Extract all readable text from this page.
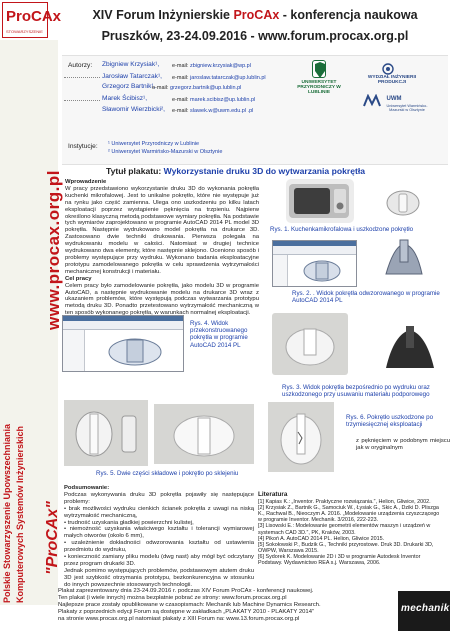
ProCAx
STOWARZYSZENIE
www.procax.org.pl
"ProCAx"
Polskie Stowarzyszenie Upowszechniania Komputerowych Systemów Inżynierskich
XIV Forum Inżynierskie ProCAx - konferencja naukowa
Pruszków, 23-24.09.2016 - www.forum.procax.org.pl
Autorzy: Zbigniew Krzysiak¹, e-mail: zbigniew.krzysiak@wp.pl
Jarosław Tatarczak¹, e-mail: jaroslaw.tatarczak@up.lublin.pl
Grzegorz Bartnik¹,
e-mail: grzegorz.bartnik@up.lublin.pl
Marek Ścibisz¹,	e-mail: marek.scibisz@up.lublin.pl
Sławomir Wierzbicki², e-mail: slawek.w@uwm.edu.pl .pl
Instytucje: ¹ Uniwersytet Przyrodniczy w Lublinie
² Uniwersytet Warmińsko-Mazurski w Olsztynie
UNIWERSYTET PRZYRODNICZY W LUBLINIE
WYDZIAŁ INŻYNIERII PRODUKCJI
UWM
Uniwersytet Warmińsko-Mazurski w Olsztynie
Tytuł plakatu: Wykorzystanie druku 3D do wytwarzania pokrętła
Wprowadzenie
W pracy przedstawiono wykorzystanie druku 3D do wykonania pokrętła kuchenki mikrofalowej. Jest to unikalne pokrętło, które nie występuje już na rynku jako część zamienna. Ulega ono uszkodzeniu po kilku latach eksploatacji poprzez wystąpienie pęknięcia na trzpieniu. Najpierw określono klasyczną metodą podstawowe wymiary pokrętła. Na podstawie tych wymiarów zaprojektowano w programie AutoCAD 2014 PL model 3D pokrętła. Następnie wydrukowano model pokrętła na drukarce 3D. Zastosowano dwie techniki drukowania. Pierwsza polegała na wydrukowaniu modelu w całości. Natomiast w drugiej technice wydrukowano dwa elementy, które następnie sklejono. Oceniono sposób i problemy występujące przy wydruku. Wykonano badania eksploatacyjne prototypu zamodelowanego pokrętła w celu sprawdzenia wytrzymałości mechanicznej konstrukcji i materiału.
Cel pracy
Celem pracy było zamodelowanie pokrętła, jako modelu 3D w programie AutoCAD, a następnie wydrukowanie modelu na drukarce 3D wraz z ukazaniem problemów, które występują podczas wytwarzania prototypu metodą druku 3D. Ponadto przetestowano wytrzymałość mechaniczną w ten sposób wykonanego pokrętła, w warunkach normalnej eksploatacji.
Rys. 1. Kuchenkamikrofalowa i uszkodzone pokrętło
Rys. 2. . Widok pokrętła odwzorowanego w programie AutoCAD 2014 PL
Rys. 4. Widok przekonstruowanego pokrętła w programie AutoCAD 2014 PL
Rys. 3. Widok pokrętła bezpośrednio po wydruku oraz uszkodzonego przy usuwaniu materiału podporowego
Rys. 5. Dwie części składowe i pokrętło po sklejeniu
Rys. 6. Pokrętło uszkodzone po trzymiesięcznej eksploatacji
z pęknięciem w podobnym miejscu jak w oryginalnym
Podsumowanie:
Podczas wykonywania druku 3D pokrętła pojawiły się następujące problemy:
• brak możliwości wydruku cienkich ścianek pokrętła z uwagi na niską wytrzymałość mechaniczną,
• trudność uzyskania gładkiej powierzchni kulistej,
• niemożność uzyskania właściwego kształtu i tolerancji wymiarowej małych otworów (około 6 mm),
• uzależnienie dokładności odwzorowania kształtu od ustawienia przedmiotu do wydruku,
• konieczność zamiany pliku modelu (dwg nast) aby mógł być odczytany przez program drukarki 3D.
Jednak pomimo występujących problemów, podstawowym atutem druku 3D jest szybkość otrzymania prototypu, bezkonkurencyjna w stosunku do innych powszechnie stosowanych technologii.
Literatura
[1] Kapias K.: „Inventor. Praktyczne rozwiązania.”, Helion, Gliwice, 2002.
[2] Krzysiak Z., Bartnik G., Samociuk W., Łysiak G., Skic A., Dziki D. Pliszga K., Rachwał B., Nieoczym A. 2016. „Modelowanie urządzenia czyszczącego w programie Inventor. Mechanik. 3/2016, 222-223.
[3] Lisowski E.: Modelowanie geometrii elementów maszyn i urządzeń w systemach CAD 3D.”, PK, Kraków, 2003.
[4] Pikoń A. AutoCAD 2014 PL. Helion, Gliwice 2015.
[5] Sokołowski P., Budzik G., Techniki przyrostowe. Druk 3D. Drukarki 3D, OWPW, Warszawa 2015.
[6] Sydorek K. Modelowanie 2D i 3D w programie Autodesk Inventor Podstawy. Wydawnictwo REA s.j. Warszawa, 2006.
Plakat zaprezentowany dnia 23-24.09.2016 r. podczas XIV Forum ProCAx - konferencji naukowej.
Ten plakat (i wiele innych) można bezpłatnie pobrać ze strony: www.forum.procax.org.pl
Najlepsze prace zostały opublikowane w czasopismach: Mechanik lub Machine Dynamics Research.
Plakaty z poprzednich edycji Forum są dostępne w zakładkach „PLAKATY 2010 - PLAKATY 2014”
na stronie www.procax.org.pl natomiast plakaty z XIII Forum na: www.13.forum.procax.org.pl
mechanik
